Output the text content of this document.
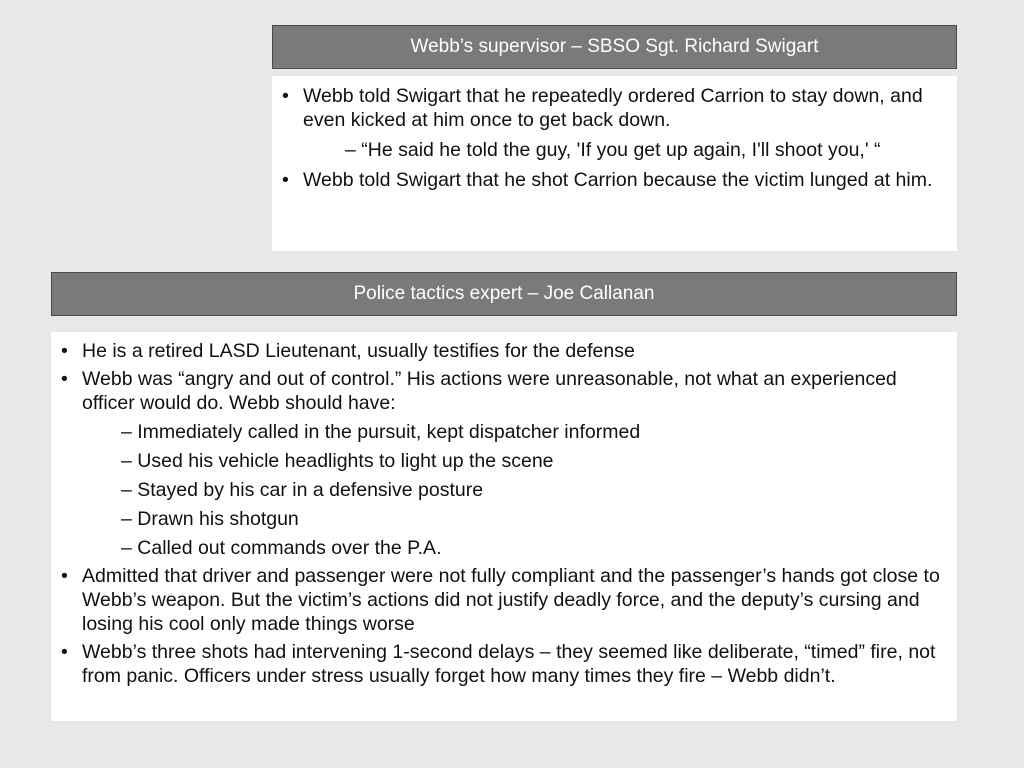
Webb’s supervisor – SBSO Sgt. Richard Swigart
• Webb told Swigart that he repeatedly ordered Carrion to stay down, and even kicked at him once to get back down.
– “He said he told the guy, 'If you get up again, I'll shoot you,' “
• Webb told Swigart that he shot Carrion because the victim lunged at him.
Police tactics expert – Joe Callanan
• He is a retired LASD Lieutenant, usually testifies for the defense
• Webb was “angry and out of control.” His actions were unreasonable, not what an experienced officer would do. Webb should have:
– Immediately called in the pursuit, kept dispatcher informed
– Used his vehicle headlights to light up the scene
– Stayed by his car in a defensive posture
– Drawn his shotgun
– Called out commands over the P.A.
• Admitted that driver and passenger were not fully compliant and the passenger’s hands got close to Webb’s weapon. But the victim’s actions did not justify deadly force, and the deputy’s cursing and losing his cool only made things worse
• Webb’s three shots had intervening 1-second delays – they seemed like deliberate, “timed” fire, not from panic. Officers under stress usually forget how many times they fire – Webb didn’t.
